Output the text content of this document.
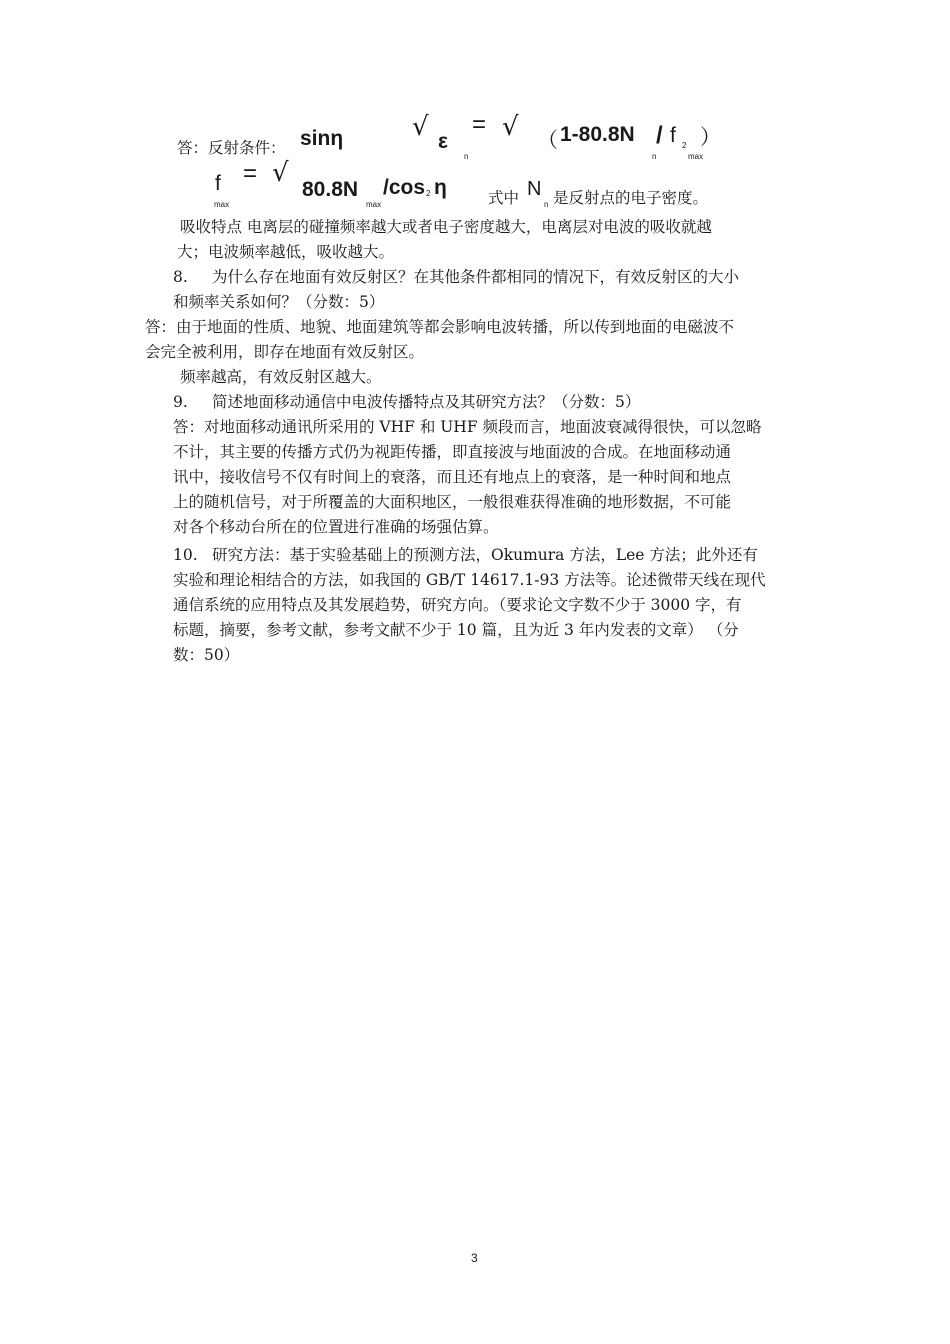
答：反射条件： sinη	√ ε
n
= √ （ 1-80.8N
n
/ f 2
max
）
f
max
= √
80.8N
max
/cos 2 η	式中 N
n 是反射点的电子密度。
吸收特点 电离层的碰撞频率越大或者电子密度越大，电离层对电波的吸收就越
大；电波频率越低，吸收越大。
8. 为什么存在地面有效反射区？在其他条件都相同的情况下，有效反射区的大小
和频率关系如何？（分数：5）
答：由于地面的性质、地貌、地面建筑等都会影响电波转播，所以传到地面的电磁波不
会完全被利用，即存在地面有效反射区。
频率越高，有效反射区越大。
9. 简述地面移动通信中电波传播特点及其研究方法？（分数：5）
答：对地面移动通讯所采用的 VHF 和 UHF 频段而言，地面波衰减得很快，可以忽略
不计，其主要的传播方式仍为视距传播，即直接波与地面波的合成。在地面移动通
讯中，接收信号不仅有时间上的衰落，而且还有地点上的衰落，是一种时间和地点
上的随机信号，对于所覆盖的大面积地区，一般很难获得准确的地形数据，不可能
对各个移动台所在的位置进行准确的场强估算。
10. 研究方法：基于实验基础上的预测方法，Okumura 方法，Lee 方法；此外还有
实验和理论相结合的方法，如我国的 GB/T 14617.1-93 方法等。论述微带天线在现代
通信系统的应用特点及其发展趋势，研究方向。（要求论文字数不少于 3000 字，有
标题，摘要，参考文献，参考文献不少于 10 篇，且为近 3 年内发表的文章） （分
数：50）
3
